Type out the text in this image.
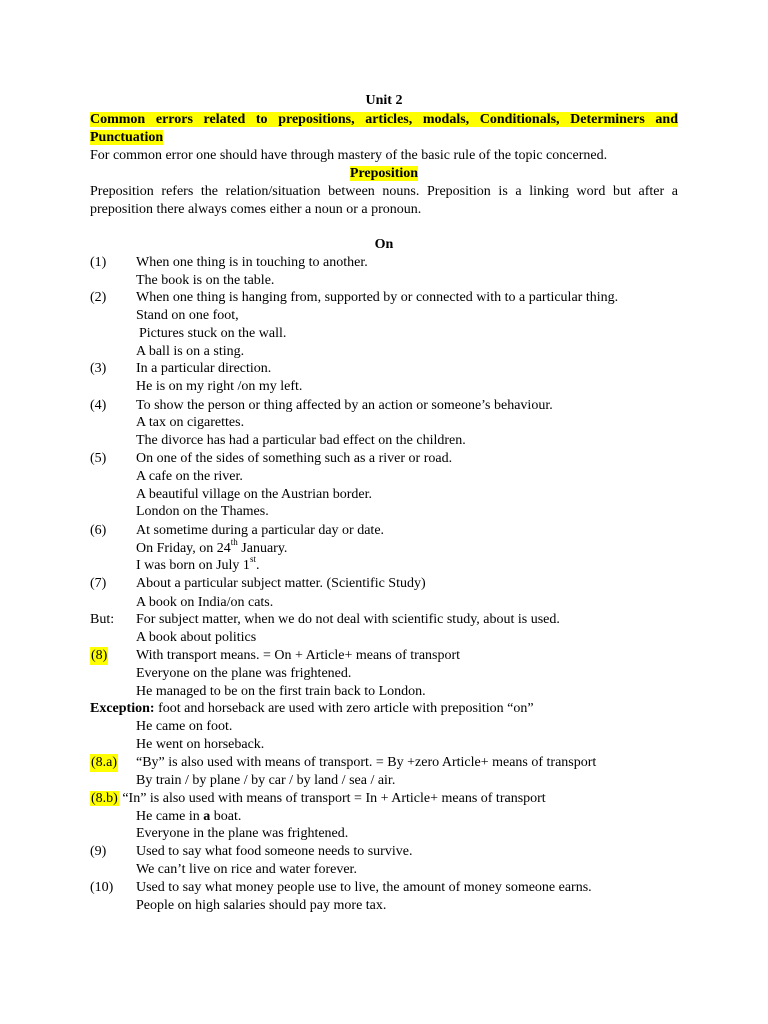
Unit 2
Common errors related to prepositions, articles, modals, Conditionals, Determiners and
Punctuation
For common error one should have through mastery of the basic rule of the topic concerned.
Preposition
Preposition refers the relation/situation between nouns. Preposition is a linking word but after a
preposition there always comes either a noun or a pronoun.
On
(1) When one thing is in touching to another.
The book is on the table.
(2) When one thing is hanging from, supported by or connected with to a particular thing.
Stand on one foot,
Pictures stuck on the wall.
A ball is on a sting.
(3) In a particular direction.
He is on my right /on my left.
(4) To show the person or thing affected by an action or someone’s behaviour.
A tax on cigarettes.
The divorce has had a particular bad effect on the children.
(5) On one of the sides of something such as a river or road.
A cafe on the river.
A beautiful village on the Austrian border.
London on the Thames.
(6) At sometime during a particular day or date.
On Friday, on 24th January.
I was born on July 1st.
(7) About a particular subject matter. (Scientific Study)
A book on India/on cats.
But: For subject matter, when we do not deal with scientific study, about is used.
A book about politics
(8) With transport means. = On + Article+ means of transport
Everyone on the plane was frightened.
He managed to be on the first train back to London.
Exception: foot and horseback are used with zero article with preposition “on”
He came on foot.
He went on horseback.
(8.a) “By” is also used with means of transport. = By +zero Article+ means of transport
By train / by plane / by car / by land / sea / air.
(8.b) “In” is also used with means of transport = In + Article+ means of transport
He came in a boat.
Everyone in the plane was frightened.
(9) Used to say what food someone needs to survive.
We can’t live on rice and water forever.
(10) Used to say what money people use to live, the amount of money someone earns.
People on high salaries should pay more tax.
